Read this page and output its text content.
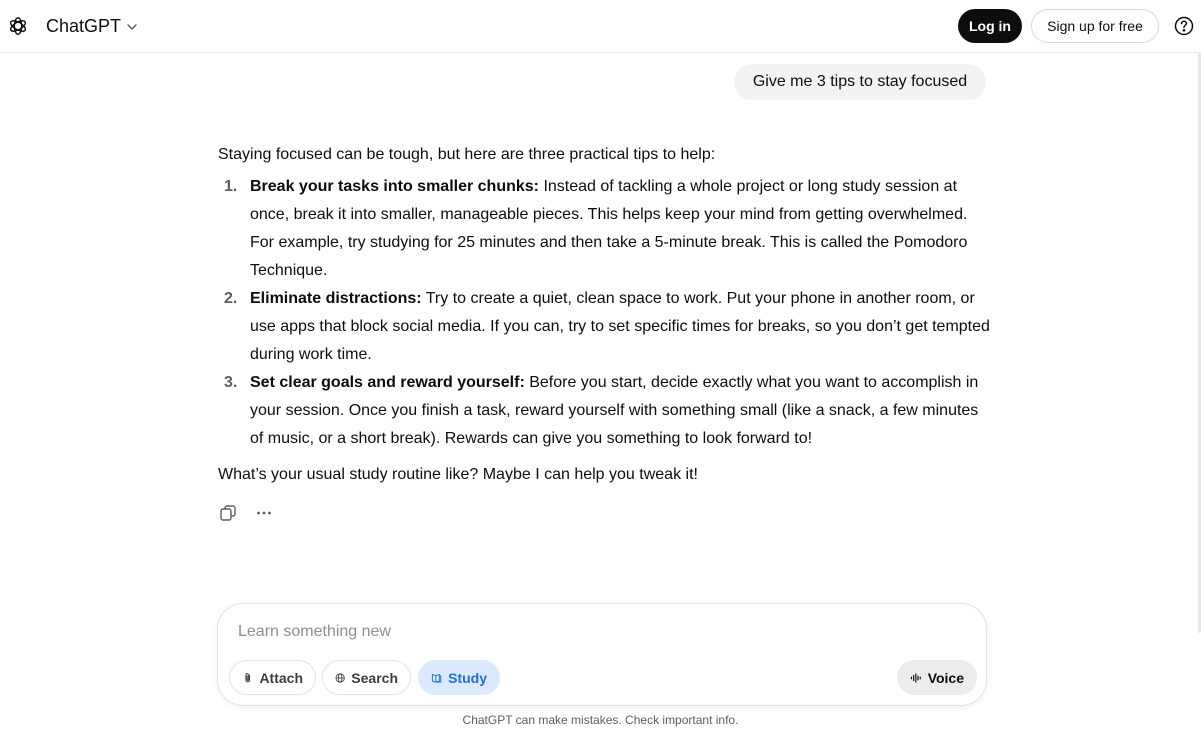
ChatGPT	Log in	Sign up for free
Give me 3 tips to stay focused
Staying focused can be tough, but here are three practical tips to help:
1. Break your tasks into smaller chunks: Instead of tackling a whole project or long study session at once, break it into smaller, manageable pieces. This helps keep your mind from getting overwhelmed. For example, try studying for 25 minutes and then take a 5-minute break. This is called the Pomodoro Technique.
2. Eliminate distractions: Try to create a quiet, clean space to work. Put your phone in another room, or use apps that block social media. If you can, try to set specific times for breaks, so you don’t get tempted during work time.
3. Set clear goals and reward yourself: Before you start, decide exactly what you want to accomplish in your session. Once you finish a task, reward yourself with something small (like a snack, a few minutes of music, or a short break). Rewards can give you something to look forward to!
What’s your usual study routine like? Maybe I can help you tweak it!
Learn something new
Attach	Search	Study	Voice
ChatGPT can make mistakes. Check important info.
